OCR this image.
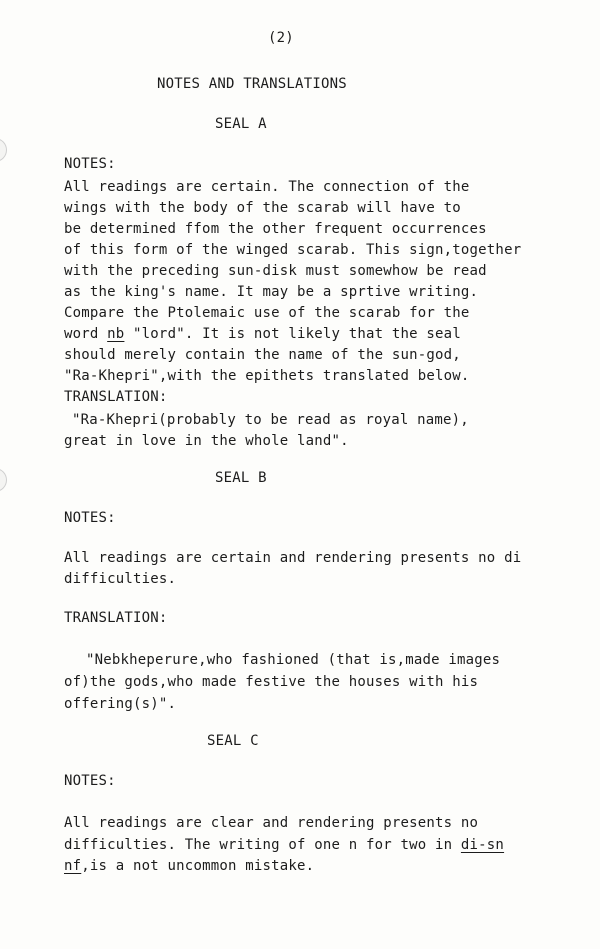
(2)
NOTES AND TRANSLATIONS
SEAL A
NOTES:
All readings are certain. The connection of the
wings with the body of the scarab will have to
be determined ffom the other frequent occurrences
of this form of the winged scarab. This sign,together
with the preceding sun-disk must somewhow be read
as the king's name. It may be a sprtive writing.
Compare the Ptolemaic use of the scarab for the
word nb "lord". It is not likely that the seal
should merely contain the name of the sun-god,
"Ra-Khepri",with the epithets translated below.
TRANSLATION:
"Ra-Khepri(probably to be read as royal name),
great in love in the whole land".
SEAL B
NOTES:
All readings are certain and rendering presents no di
difficulties.
TRANSLATION:
"Nebkheperure,who fashioned (that is,made images
of)the gods,who made festive the houses with his
offering(s)".
SEAL C
NOTES:
All readings are clear and rendering presents no
difficulties. The writing of one n for two in di-sn
nf,is a not uncommon mistake.
